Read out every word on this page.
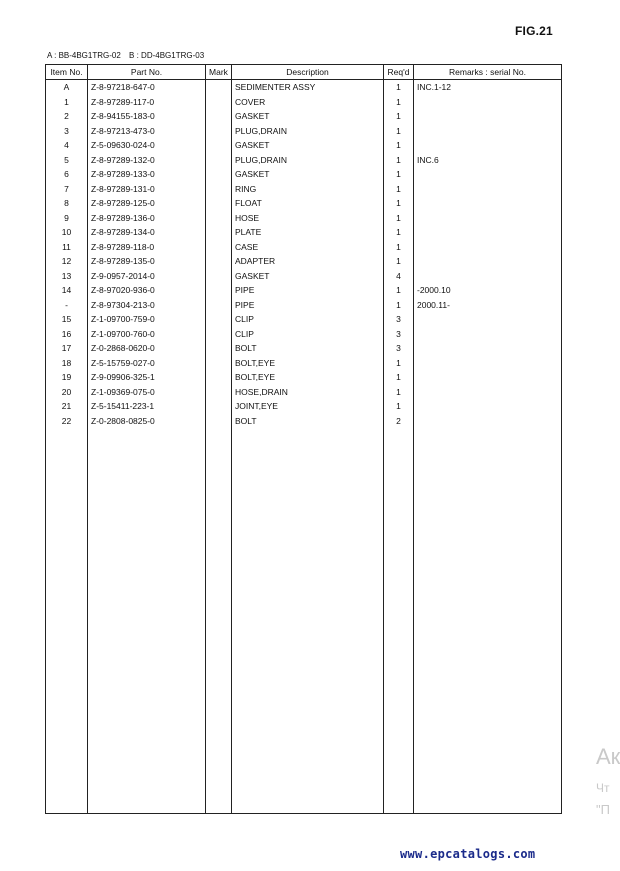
FIG.21
A : BB-4BG1TRG-02 B : DD-4BG1TRG-03
Item No.	Part No.	Mark	Description	Req'd	Remarks : serial No.
A	Z-8-97218-647-0		SEDIMENTER ASSY	1	INC.1-12
1	Z-8-97289-117-0		COVER	1	
2	Z-8-94155-183-0		GASKET	1	
3	Z-8-97213-473-0		PLUG,DRAIN	1	
4	Z-5-09630-024-0		GASKET	1	
5	Z-8-97289-132-0		PLUG,DRAIN	1	INC.6
6	Z-8-97289-133-0		GASKET	1	
7	Z-8-97289-131-0		RING	1	
8	Z-8-97289-125-0		FLOAT	1	
9	Z-8-97289-136-0		HOSE	1	
10	Z-8-97289-134-0		PLATE	1	
11	Z-8-97289-118-0		CASE	1	
12	Z-8-97289-135-0		ADAPTER	1	
13	Z-9-0957-2014-0		GASKET	4	
14	Z-8-97020-936-0		PIPE	1	-2000.10
-	Z-8-97304-213-0		PIPE	1	2000.11-
15	Z-1-09700-759-0		CLIP	3	
16	Z-1-09700-760-0		CLIP	3	
17	Z-0-2868-0620-0		BOLT	3	
18	Z-5-15759-027-0		BOLT,EYE	1	
19	Z-9-09906-325-1		BOLT,EYE	1	
20	Z-1-09369-075-0		HOSE,DRAIN	1	
21	Z-5-15411-223-1		JOINT,EYE	1	
22	Z-0-2808-0825-0		BOLT	2	

Ак
Чт
"П
www.epcatalogs.com
